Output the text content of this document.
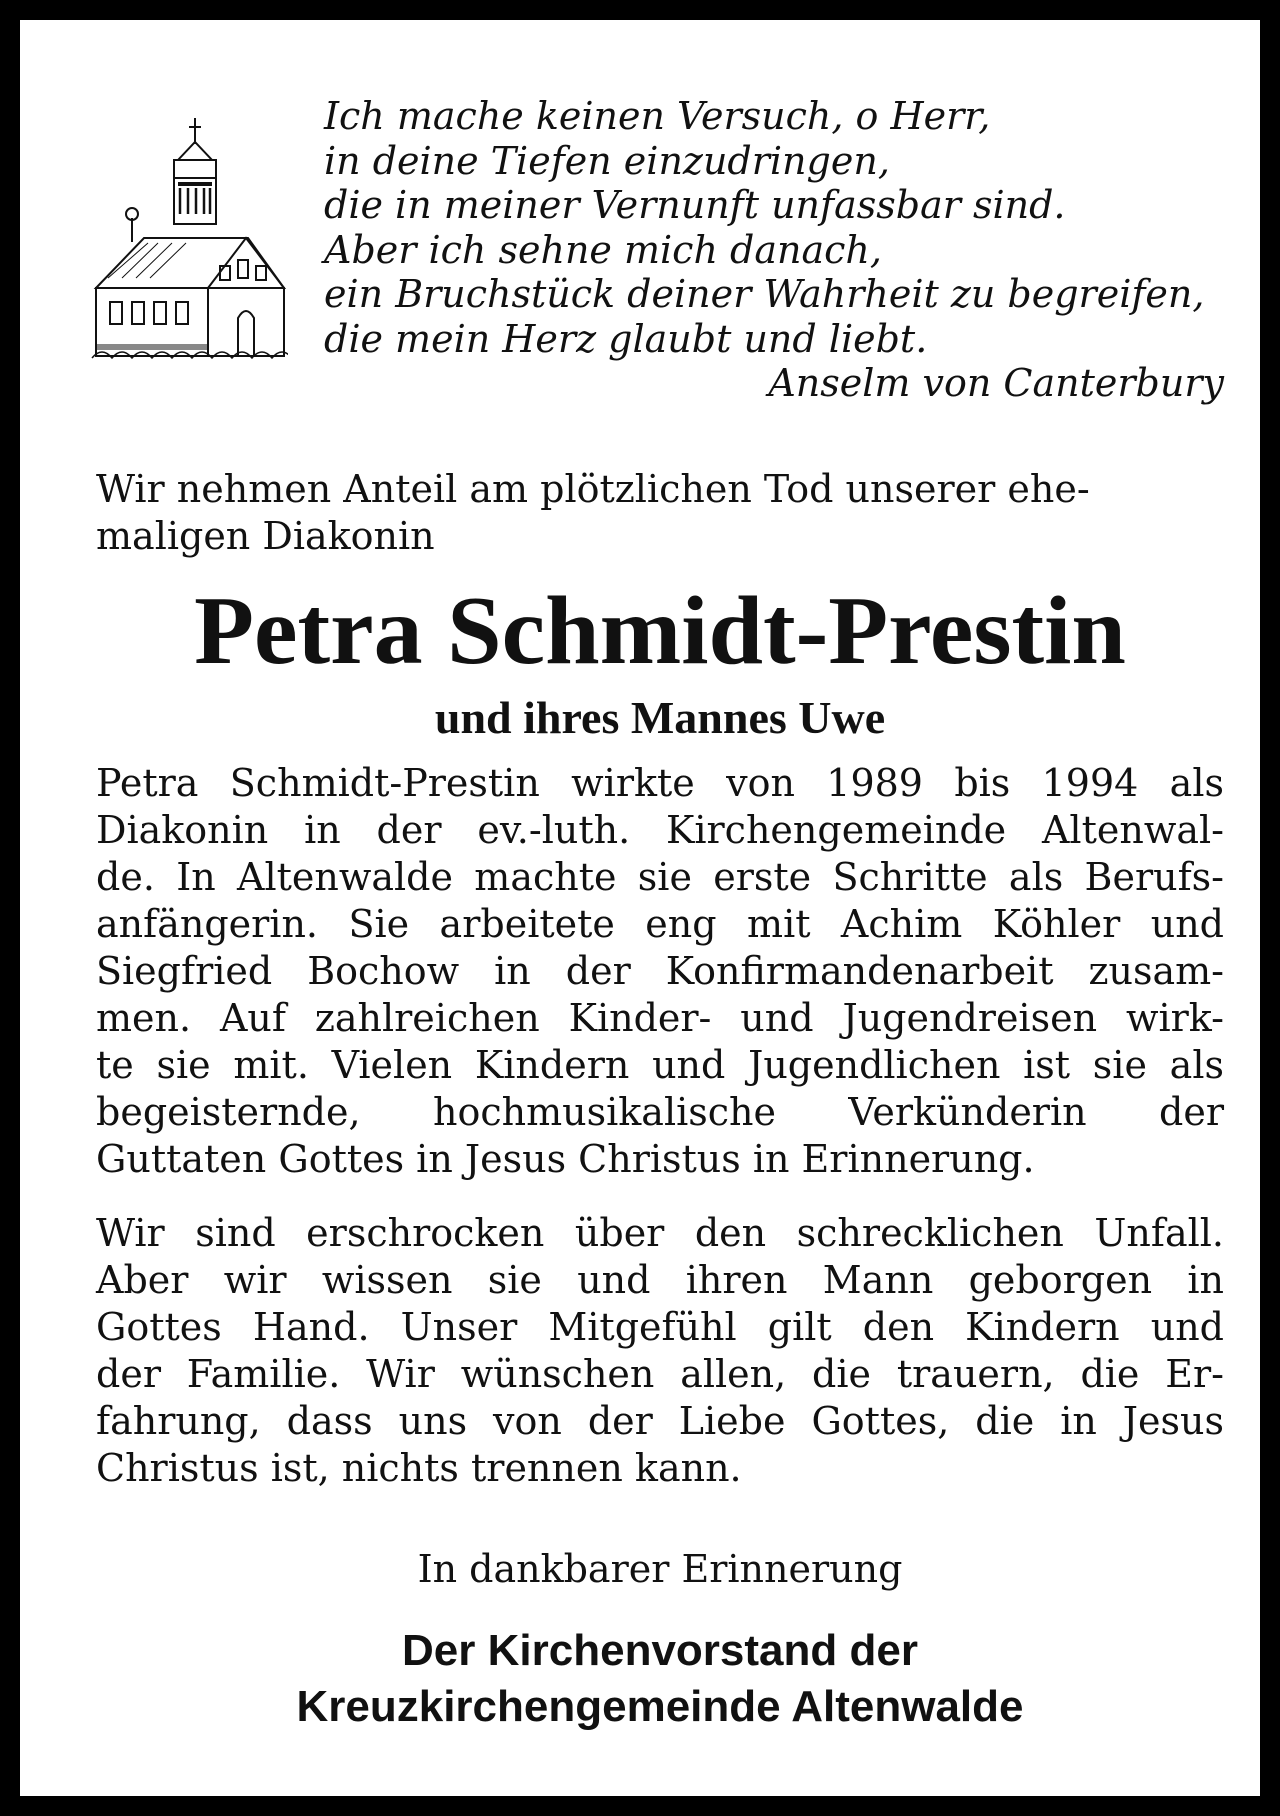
Ich mache keinen Versuch, o Herr,
in deine Tiefen einzudringen,
die in meiner Vernunft unfassbar sind.
Aber ich sehne mich danach,
ein Bruchstück deiner Wahrheit zu begreifen,
die mein Herz glaubt und liebt.
Anselm von Canterbury
Wir nehmen Anteil am plötzlichen Tod unserer ehe-
maligen Diakonin
Petra Schmidt-Prestin
und ihres Mannes Uwe
Petra Schmidt-Prestin wirkte von 1989 bis 1994 als
Diakonin in der ev.-luth. Kirchengemeinde Altenwal-
de. In Altenwalde machte sie erste Schritte als Berufs-
anfängerin. Sie arbeitete eng mit Achim Köhler und
Siegfried Bochow in der Konfirmandenarbeit zusam-
men. Auf zahlreichen Kinder- und Jugendreisen wirk-
te sie mit. Vielen Kindern und Jugendlichen ist sie als
begeisternde, hochmusikalische Verkünderin der
Guttaten Gottes in Jesus Christus in Erinnerung.
Wir sind erschrocken über den schrecklichen Unfall.
Aber wir wissen sie und ihren Mann geborgen in
Gottes Hand. Unser Mitgefühl gilt den Kindern und
der Familie. Wir wünschen allen, die trauern, die Er-
fahrung, dass uns von der Liebe Gottes, die in Jesus
Christus ist, nichts trennen kann.
In dankbarer Erinnerung
Der Kirchenvorstand der
Kreuzkirchengemeinde Altenwalde
